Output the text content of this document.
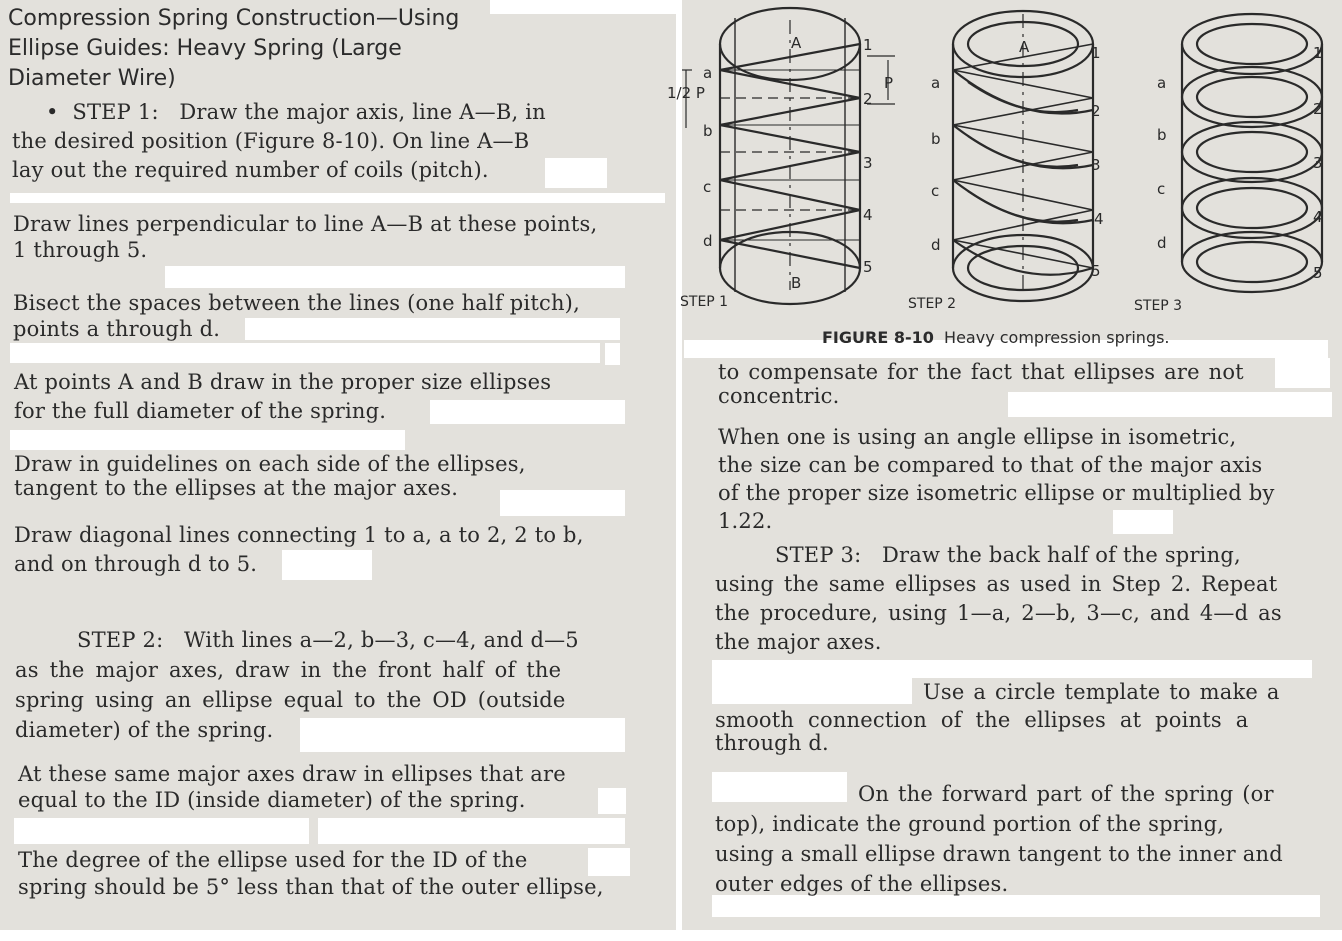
Compression Spring Construction—Using
Ellipse Guides: Heavy Spring (Large
Diameter Wire)
• STEP 1: Draw the major axis, line A—B, in
the desired position (Figure 8-10). On line A—B
lay out the required number of coils (pitch).
Draw lines perpendicular to line A—B at these points,
1 through 5.
Bisect the spaces between the lines (one half pitch),
points a through d.
At points A and B draw in the proper size ellipses
for the full diameter of the spring.
Draw in guidelines on each side of the ellipses,
tangent to the ellipses at the major axes.
Draw diagonal lines connecting 1 to a, a to 2, 2 to b,
and on through d to 5.
STEP 2: With lines a—2, b—3, c—4, and d—5
as the major axes, draw in the front half of the
spring using an ellipse equal to the OD (outside
diameter) of the spring.
At these same major axes draw in ellipses that are
equal to the ID (inside diameter) of the spring.
The degree of the ellipse used for the ID of the
spring should be 5° less than that of the outer ellipse,
A
B
A
1/2 P
P
a
b
c
d
1
2
3
4
5
a
b
c
d
1
2
3
4
5
a
b
c
d
1
2
3
4
5
STEP 1	STEP 2	STEP 3
FIGURE 8-10 Heavy compression springs.
to compensate for the fact that ellipses are not
concentric.
When one is using an angle ellipse in isometric,
the size can be compared to that of the major axis
of the proper size isometric ellipse or multiplied by
1.22.
STEP 3: Draw the back half of the spring,
using the same ellipses as used in Step 2. Repeat
the procedure, using 1—a, 2—b, 3—c, and 4—d as
the major axes.
Use a circle template to make a
smooth connection of the ellipses at points a
through d.
On the forward part of the spring (or
top), indicate the ground portion of the spring,
using a small ellipse drawn tangent to the inner and
outer edges of the ellipses.
